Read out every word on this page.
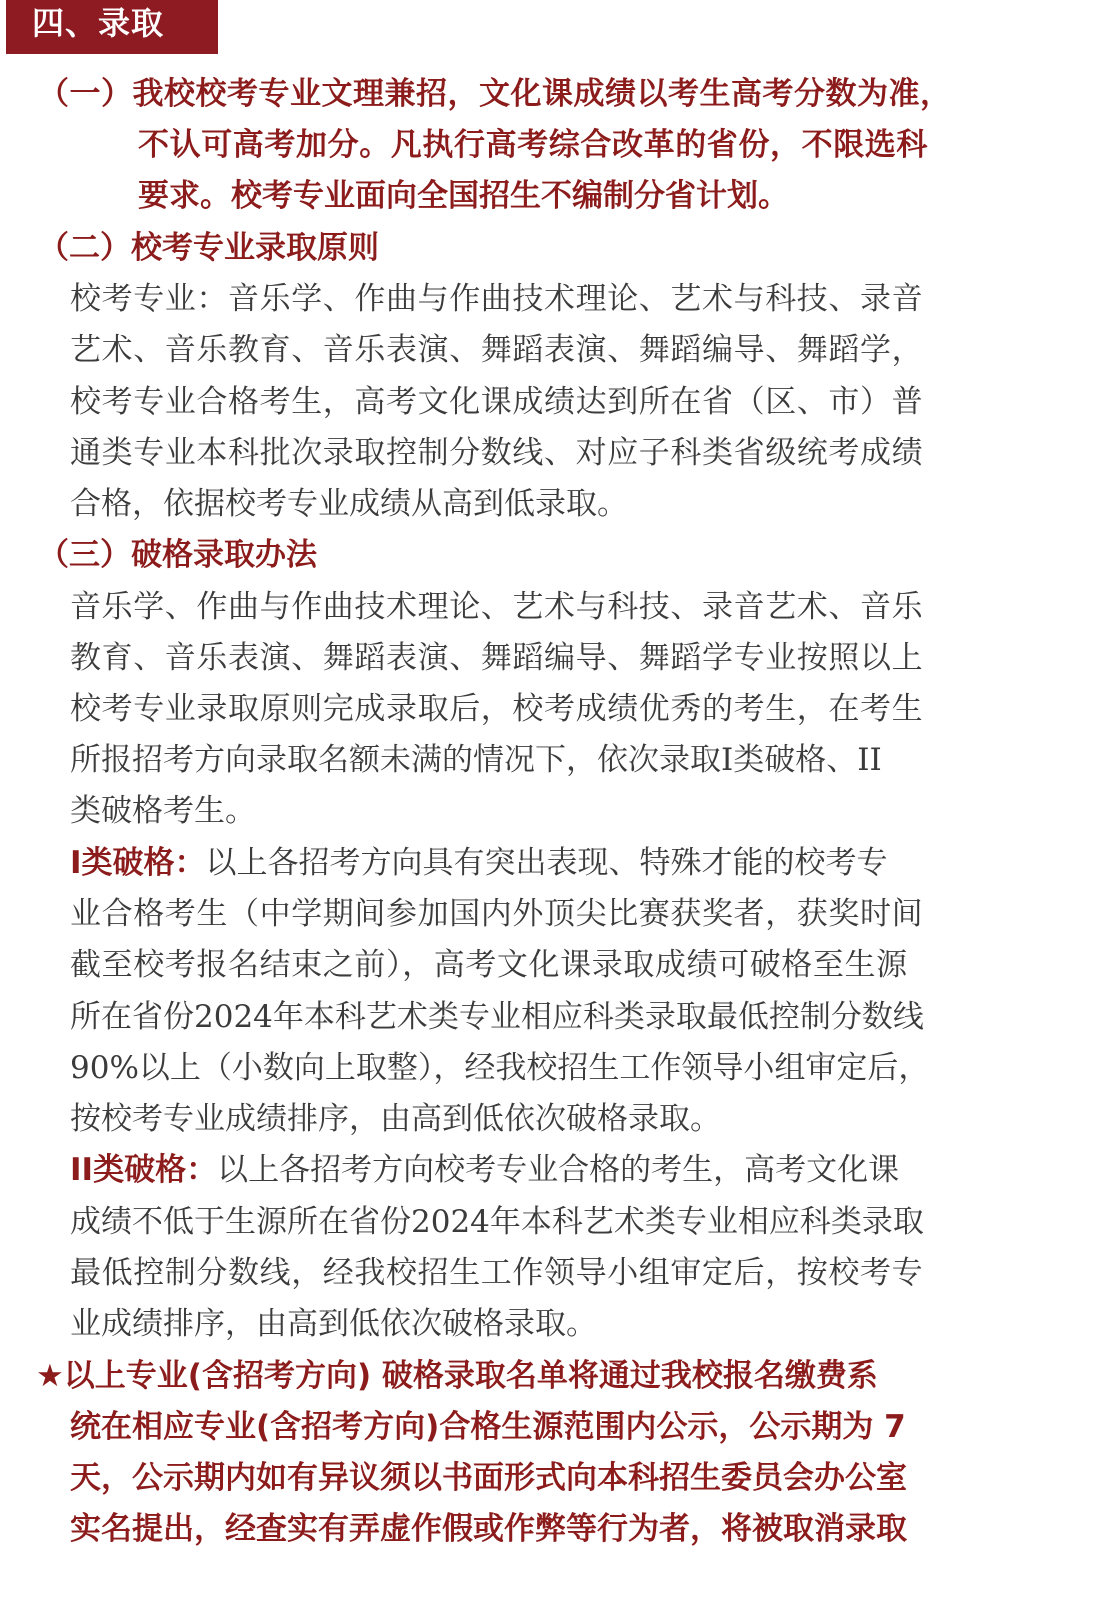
四、录取
（一）我校校考专业文理兼招，文化课成绩以考生高考分数为准，
不认可高考加分。凡执行高考综合改革的省份，不限选科
要求。校考专业面向全国招生不编制分省计划。
（二）校考专业录取原则
校考专业：音乐学、作曲与作曲技术理论、艺术与科技、录音
艺术、音乐教育、音乐表演、舞蹈表演、舞蹈编导、舞蹈学，
校考专业合格考生，高考文化课成绩达到所在省（区、市）普
通类专业本科批次录取控制分数线、对应子科类省级统考成绩
合格，依据校考专业成绩从高到低录取。
（三）破格录取办法
音乐学、作曲与作曲技术理论、艺术与科技、录音艺术、音乐
教育、音乐表演、舞蹈表演、舞蹈编导、舞蹈学专业按照以上
校考专业录取原则完成录取后，校考成绩优秀的考生，在考生
所报招考方向录取名额未满的情况下，依次录取I类破格、II
类破格考生。
I类破格：以上各招考方向具有突出表现、特殊才能的校考专
业合格考生（中学期间参加国内外顶尖比赛获奖者，获奖时间
截至校考报名结束之前），高考文化课录取成绩可破格至生源
所在省份2024年本科艺术类专业相应科类录取最低控制分数线
90%以上（小数向上取整），经我校招生工作领导小组审定后，
按校考专业成绩排序，由高到低依次破格录取。
II类破格：以上各招考方向校考专业合格的考生，高考文化课
成绩不低于生源所在省份2024年本科艺术类专业相应科类录取
最低控制分数线，经我校招生工作领导小组审定后，按校考专
业成绩排序，由高到低依次破格录取。
★以上专业(含招考方向) 破格录取名单将通过我校报名缴费系
统在相应专业(含招考方向)合格生源范围内公示，公示期为 7
天，公示期内如有异议须以书面形式向本科招生委员会办公室
实名提出，经查实有弄虚作假或作弊等行为者，将被取消录取
